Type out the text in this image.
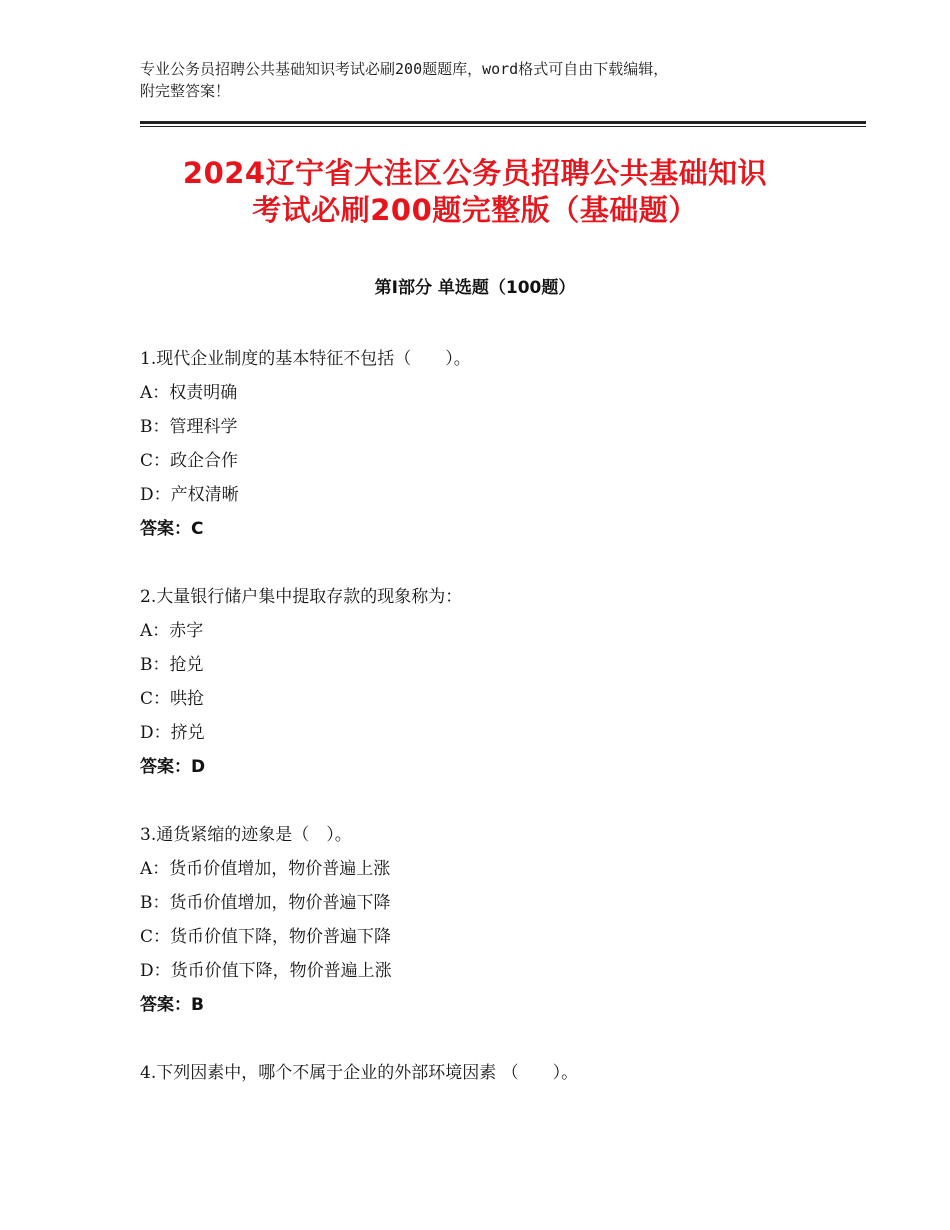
专业公务员招聘公共基础知识考试必刷200题题库，word格式可自由下载编辑，
附完整答案！
2024辽宁省大洼区公务员招聘公共基础知识
考试必刷200题完整版（基础题）
第Ⅰ部分 单选题（100题）
1.现代企业制度的基本特征不包括（　　）。
A：权责明确
B：管理科学
C：政企合作
D：产权清晰
答案：C
2.大量银行储户集中提取存款的现象称为：
A：赤字
B：抢兑
C：哄抢
D：挤兑
答案：D
3.通货紧缩的迹象是（　）。
A：货币价值增加，物价普遍上涨
B：货币价值增加，物价普遍下降
C：货币价值下降，物价普遍下降
D：货币价值下降，物价普遍上涨
答案：B
4.下列因素中，哪个不属于企业的外部环境因素 （　　）。
